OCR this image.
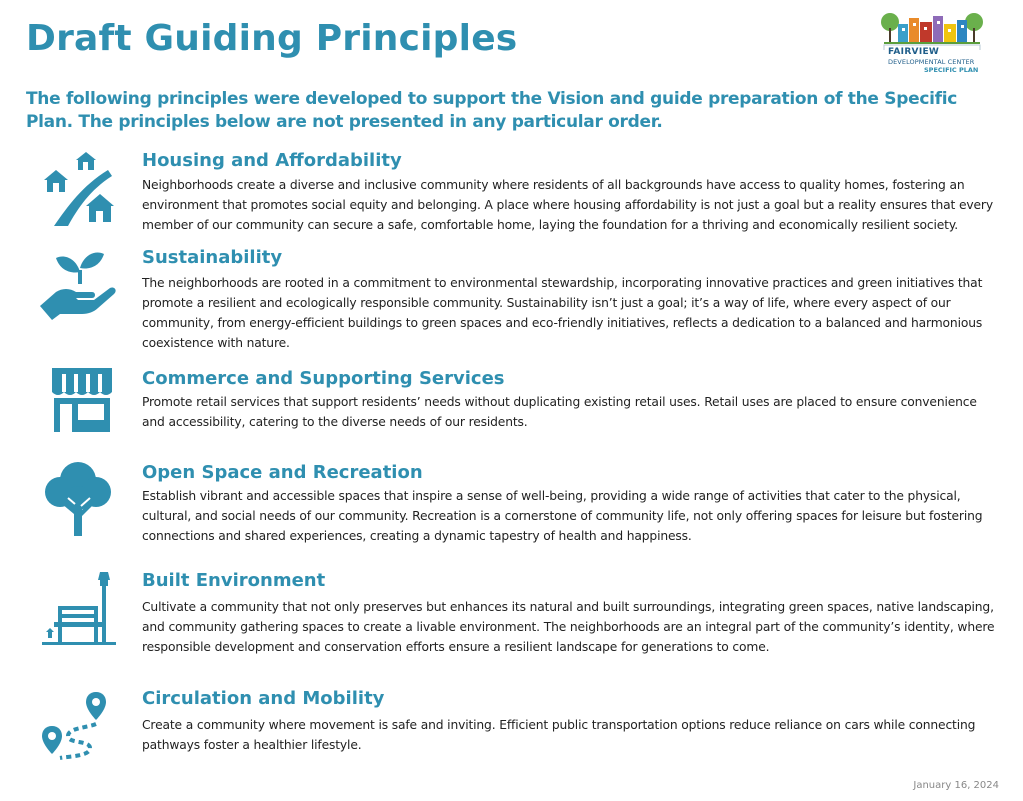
Draft Guiding Principles	FAIRVIEW
DEVELOPMENTAL CENTER
SPECIFIC PLAN
The following principles were developed to support the Vision and guide preparation of the Specific Plan. The principles below are not presented in any particular order.
Housing and Affordability
Neighborhoods create a diverse and inclusive community where residents of all backgrounds have access to quality homes, fostering an environment that promotes social equity and belonging. A place where housing affordability is not just a goal but a reality ensures that every member of our community can secure a safe, comfortable home, laying the foundation for a thriving and economically resilient society.
Sustainability
The neighborhoods are rooted in a commitment to environmental stewardship, incorporating innovative practices and green initiatives that promote a resilient and ecologically responsible community. Sustainability isn’t just a goal; it’s a way of life, where every aspect of our community, from energy-efficient buildings to green spaces and eco-friendly initiatives, reflects a dedication to a balanced and harmonious coexistence with nature.
Commerce and Supporting Services
Promote retail services that support residents’ needs without duplicating existing retail uses. Retail uses are placed to ensure convenience and accessibility, catering to the diverse needs of our residents.
Open Space and Recreation
Establish vibrant and accessible spaces that inspire a sense of well-being, providing a wide range of activities that cater to the physical, cultural, and social needs of our community. Recreation is a cornerstone of community life, not only offering spaces for leisure but fostering connections and shared experiences, creating a dynamic tapestry of health and happiness.
Built Environment
Cultivate a community that not only preserves but enhances its natural and built surroundings, integrating green spaces, native landscaping, and community gathering spaces to create a livable environment. The neighborhoods are an integral part of the community’s identity, where responsible development and conservation efforts ensure a resilient landscape for generations to come.
Circulation and Mobility
Create a community where movement is safe and inviting. Efficient public transportation options reduce reliance on cars while connecting pathways foster a healthier lifestyle.
January 16, 2024
